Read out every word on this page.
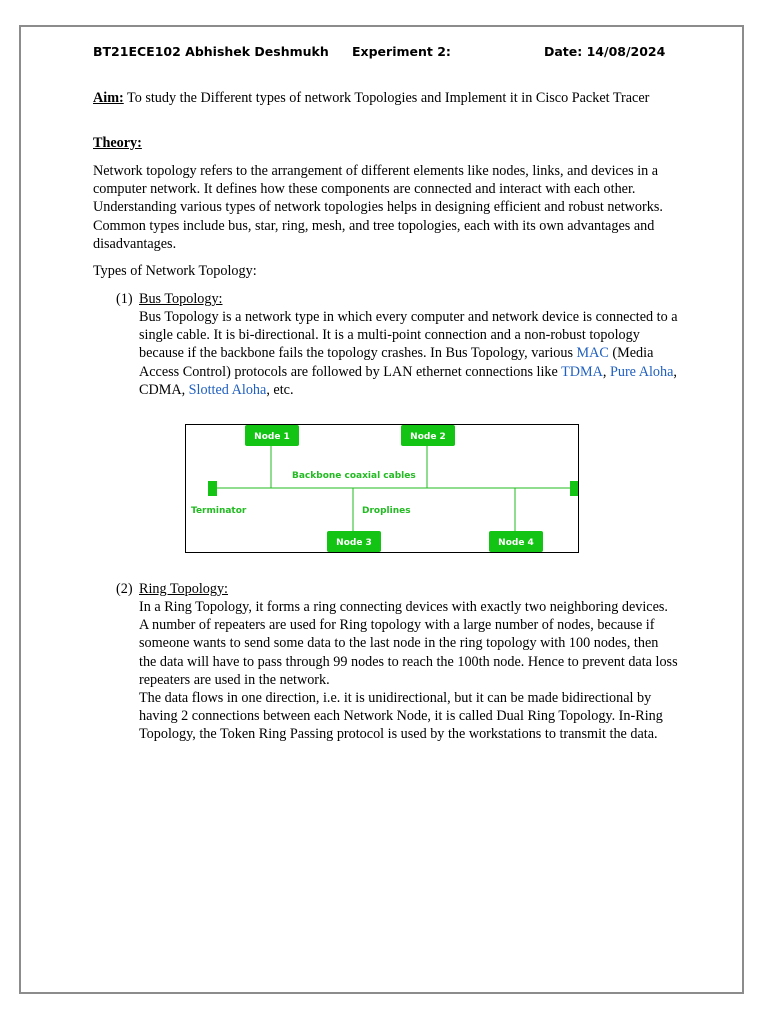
BT21ECE102 Abhishek Deshmukh Experiment 2:	Date: 14/08/2024
Aim: To study the Different types of network Topologies and Implement it in Cisco Packet Tracer
Theory:
Network topology refers to the arrangement of different elements like nodes, links, and devices in a computer network. It defines how these components are connected and interact with each other. Understanding various types of network topologies helps in designing efficient and robust networks. Common types include bus, star, ring, mesh, and tree topologies, each with its own advantages and disadvantages.
Types of Network Topology:
(1) Bus Topology:
Bus Topology is a network type in which every computer and network device is connected to a single cable. It is bi-directional. It is a multi-point connection and a non-robust topology because if the backbone fails the topology crashes. In Bus Topology, various MAC (Media Access Control) protocols are followed by LAN ethernet connections like TDMA, Pure Aloha, CDMA, Slotted Aloha, etc.
Node 1	Node 2
Node 3	Node 4
Backbone coaxial cables
Terminator	Droplines
(2) Ring Topology:
In a Ring Topology, it forms a ring connecting devices with exactly two neighboring devices. A number of repeaters are used for Ring topology with a large number of nodes, because if someone wants to send some data to the last node in the ring topology with 100 nodes, then the data will have to pass through 99 nodes to reach the 100th node. Hence to prevent data loss repeaters are used in the network.
The data flows in one direction, i.e. it is unidirectional, but it can be made bidirectional by having 2 connections between each Network Node, it is called Dual Ring Topology. In-Ring Topology, the Token Ring Passing protocol is used by the workstations to transmit the data.
